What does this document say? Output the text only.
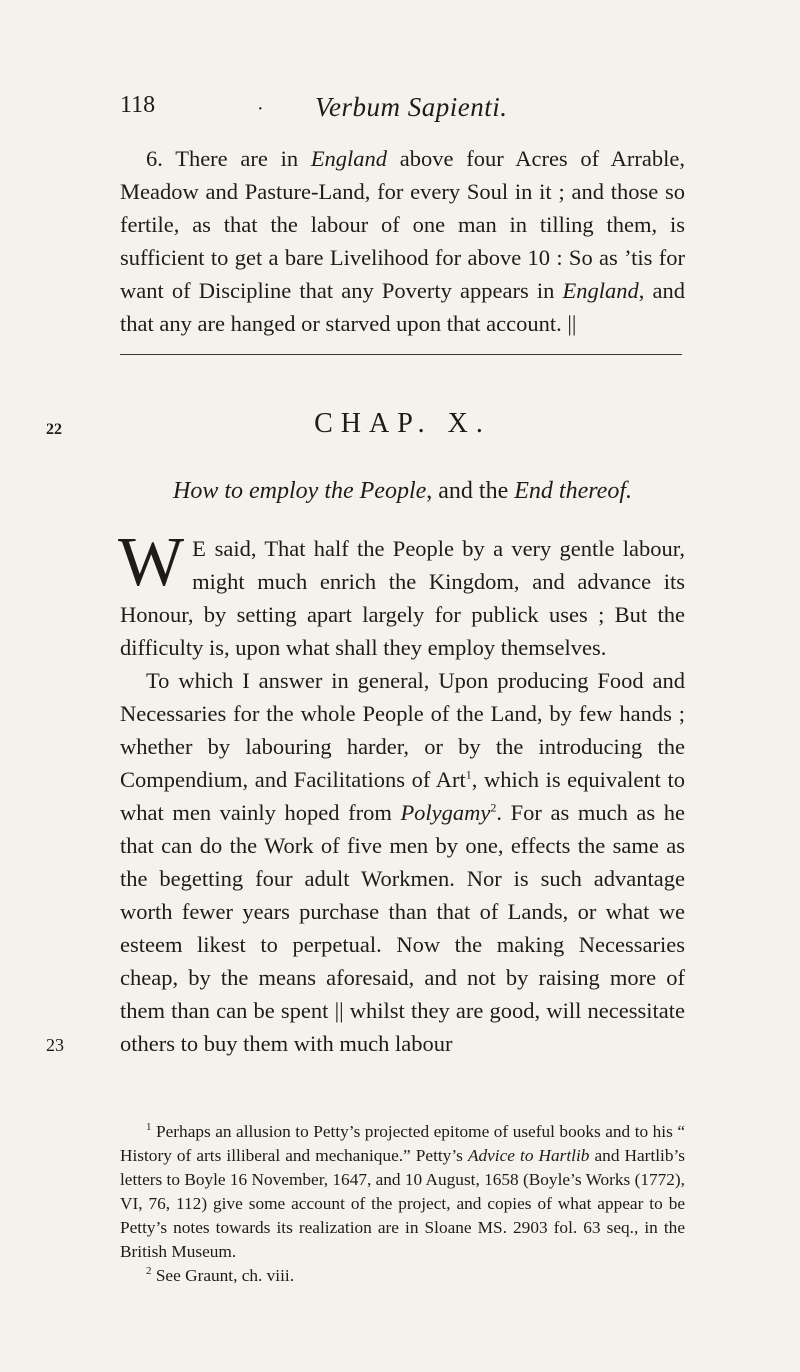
118	· Verbum Sapienti.

6. There are in England above four Acres of Arrable, Meadow and Pasture-Land, for every Soul in it ; and those so fertile, as that the labour of one man in tilling them, is sufficient to get a bare Livelihood for above 10 : So as ’tis for want of Discipline that any Poverty appears in England, and that any are hanged or starved upon that account. ||

22	CHAP. X.
How to employ the People, and the End thereof.

W E said, That half the People by a very gentle labour, might much enrich the Kingdom, and advance its Honour, by setting apart largely for publick uses ; But the difficulty is, upon what shall they employ themselves.

To which I answer in general, Upon producing Food and Necessaries for the whole People of the Land, by few hands ; whether by labouring harder, or by the introducing the Compendium, and Facilitations of Art$^1$, which is equivalent to what men vainly hoped from Polygamy$^2$. For as much as he that can do the Work of five men by one, effects the same as the begetting four adult Workmen. Nor is such advantage worth fewer years purchase than that of Lands, or what we esteem likest to perpetual. Now the making Necessaries cheap, by the means aforesaid, and not by raising more of them than can be spent || whilst they are good, will necessitate others to buy them with much labour

23

$^1$ Perhaps an allusion to Petty’s projected epitome of useful books and to his “ History of arts illiberal and mechanique.” Petty’s Advice to Hartlib and Hartlib’s letters to Boyle 16 November, 1647, and 10 August, 1658 (Boyle’s Works (1772), VI, 76, 112) give some account of the project, and copies of what appear to be Petty’s notes towards its realization are in Sloane MS. 2903 fol. 63 seq., in the British Museum.

$^2$ See Graunt, ch. viii.
